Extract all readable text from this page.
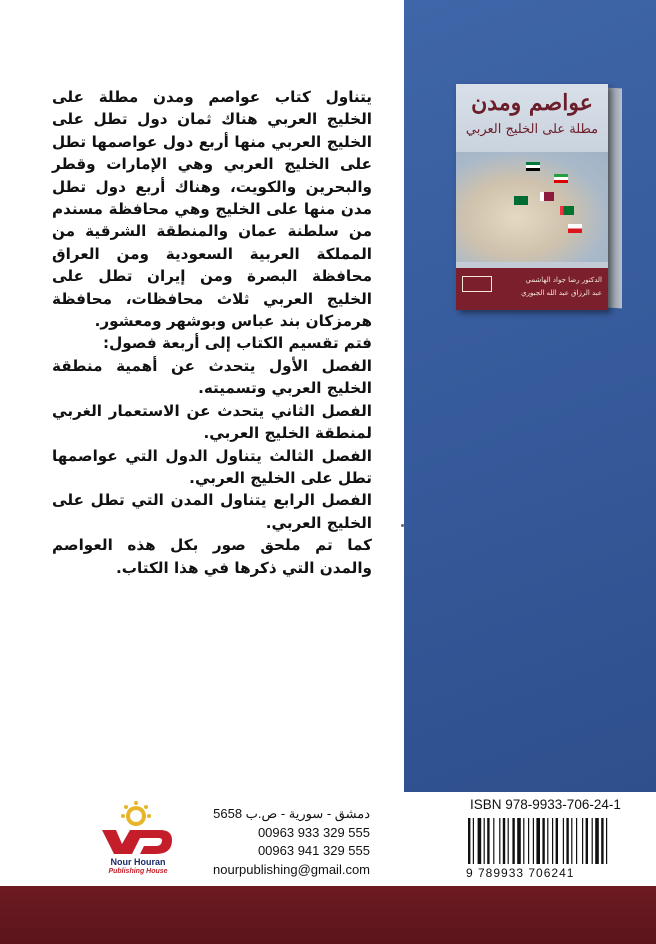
عواصم ومدن
مطلة على الخليج العربي
الدكتور رضا جواد الهاشمي
عبد الرزاق عبد الله الجبوري

يتناول كتاب عواصم ومدن مطلة على الخليج العربي هناك ثمان دول تطل على الخليج العربي منها أربع دول عواصمها تطل على الخليج العربي وهي الإمارات وقطر والبحرين والكويت، وهناك أربع دول تطل مدن منها على الخليج وهي محافظة مسندم من سلطنة عمان والمنطقة الشرقية من المملكة العربية السعودية ومن العراق محافظة البصرة ومن إيران تطل على الخليج العربي ثلاث محافظات، محافظة هرمزكان بند عباس وبوشهر ومعشور.

فتم تقسيم الكتاب إلى أربعة فصول:

الفصل الأول يتحدث عن أهمية منطقة الخليج العربي وتسميته.

الفصل الثاني يتحدث عن الاستعمار الغربي لمنطقة الخليج العربي.

الفصل الثالث يتناول الدول التي عواصمها تطل على الخليج العربي.

الفصل الرابع يتناول المدن التي تطل على الخليج العربي.

كما تم ملحق صور بكل هذه العواصم والمدن التي ذكرها في هذا الكتاب.

Nour Houran
Publishing House
دمشق - سورية - ص.ب 5658
00963 933 329 555
00963 941 329 555
nourpublishing@gmail.com
ISBN 978-9933-706-24-1
9 789933 706241
